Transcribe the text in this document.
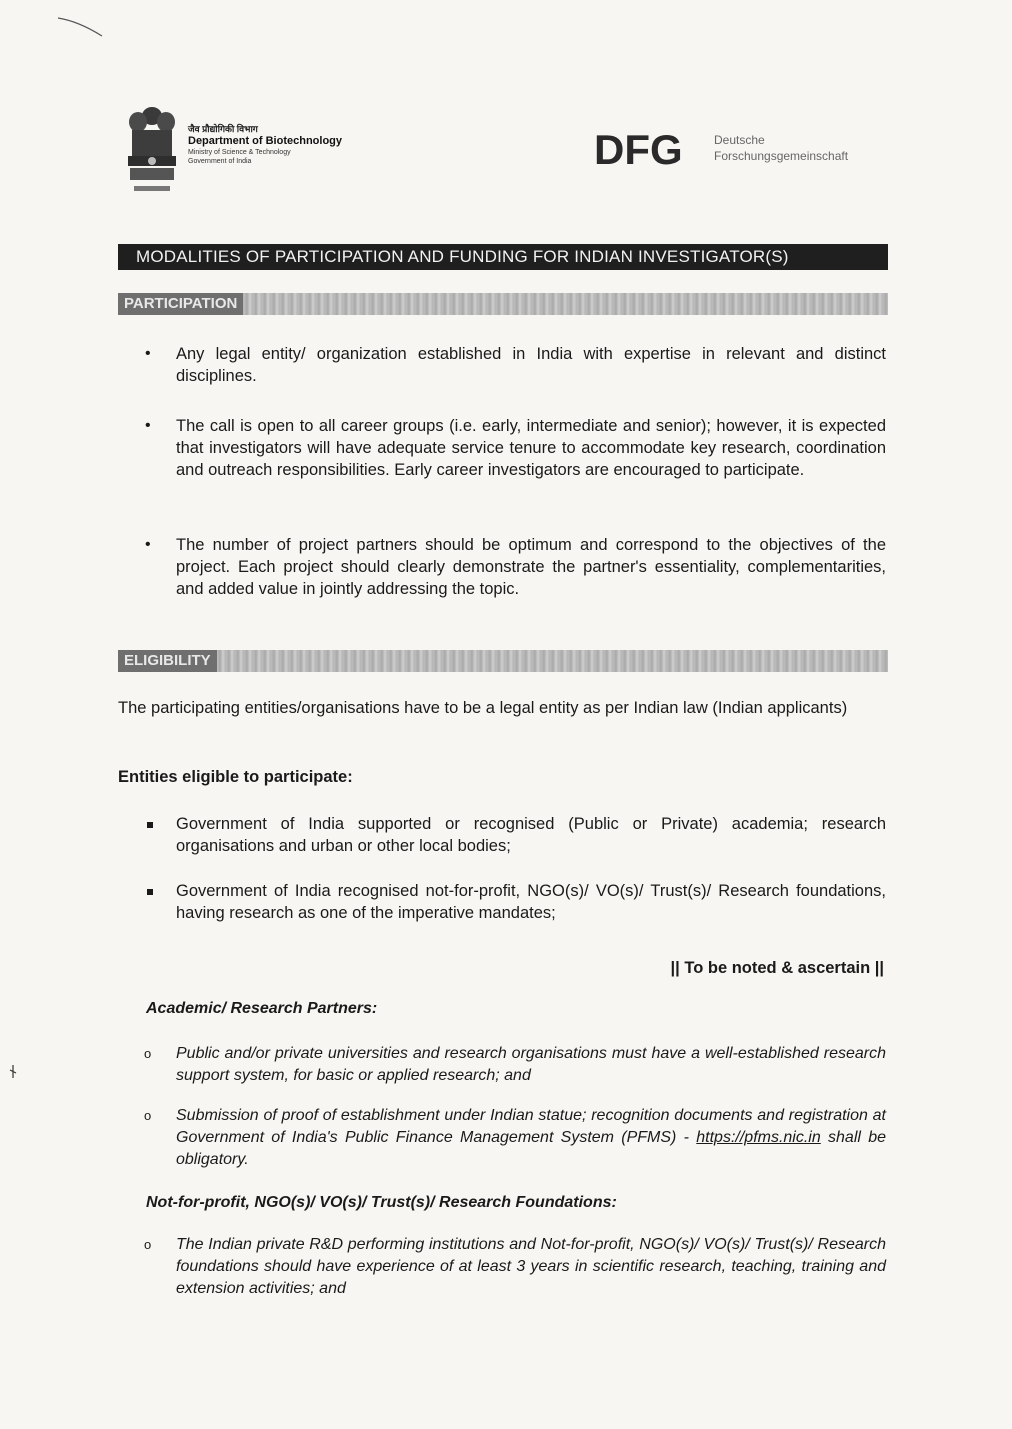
जैव प्रौद्योगिकी विभाग
Department of Biotechnology
Ministry of Science & Technology
Government of India	DFG	Deutsche
Forschungsgemeinschaft
MODALITIES OF PARTICIPATION AND FUNDING FOR INDIAN INVESTIGATOR(S)
PARTICIPATION
• Any legal entity/ organization established in India with expertise in relevant and distinct disciplines.
• The call is open to all career groups (i.e. early, intermediate and senior); however, it is expected that investigators will have adequate service tenure to accommodate key research, coordination and outreach responsibilities. Early career investigators are encouraged to participate.
• The number of project partners should be optimum and correspond to the objectives of the project. Each project should clearly demonstrate the partner's essentiality, complementarities, and added value in jointly addressing the topic.
ELIGIBILITY
The participating entities/organisations have to be a legal entity as per Indian law (Indian applicants)
Entities eligible to participate:
Government of India supported or recognised (Public or Private) academia; research organisations and urban or other local bodies;
Government of India recognised not-for-profit, NGO(s)/ VO(s)/ Trust(s)/ Research foundations, having research as one of the imperative mandates;
|| To be noted & ascertain ||
Academic/ Research Partners:
o Public and/or private universities and research organisations must have a well-established research support system, for basic or applied research; and
o Submission of proof of establishment under Indian statue; recognition documents and registration at Government of India's Public Finance Management System (PFMS) - https://pfms.nic.in shall be obligatory.
Not-for-profit, NGO(s)/ VO(s)/ Trust(s)/ Research Foundations:
o The Indian private R&D performing institutions and Not-for-profit, NGO(s)/ VO(s)/ Trust(s)/ Research foundations should have experience of at least 3 years in scientific research, teaching, training and extension activities; and
